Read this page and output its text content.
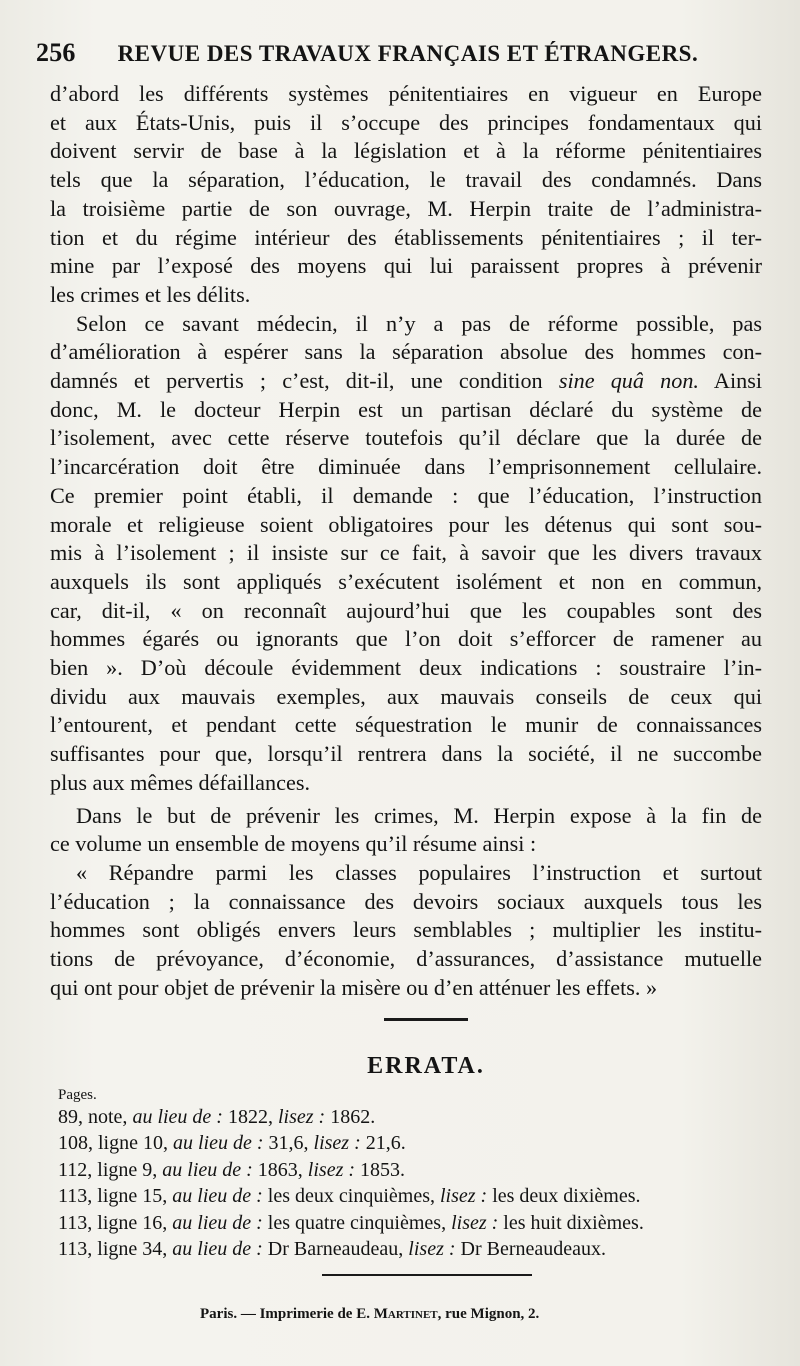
256 REVUE DES TRAVAUX FRANÇAIS ET ÉTRANGERS.

d’abord les différents systèmes pénitentiaires en vigueur en Europe
et aux États-Unis, puis il s’occupe des principes fondamentaux qui
doivent servir de base à la législation et à la réforme pénitentiaires
tels que la séparation, l’éducation, le travail des condamnés. Dans
la troisième partie de son ouvrage, M. Herpin traite de l’administra-
tion et du régime intérieur des établissements pénitentiaires ; il ter-
mine par l’exposé des moyens qui lui paraissent propres à prévenir
les crimes et les délits.

Selon ce savant médecin, il n’y a pas de réforme possible, pas
d’amélioration à espérer sans la séparation absolue des hommes con-
damnés et pervertis ; c’est, dit-il, une condition sine quâ non. Ainsi
donc, M. le docteur Herpin est un partisan déclaré du système de
l’isolement, avec cette réserve toutefois qu’il déclare que la durée de
l’incarcération doit être diminuée dans l’emprisonnement cellulaire.
Ce premier point établi, il demande : que l’éducation, l’instruction
morale et religieuse soient obligatoires pour les détenus qui sont sou-
mis à l’isolement ; il insiste sur ce fait, à savoir que les divers travaux
auxquels ils sont appliqués s’exécutent isolément et non en commun,
car, dit-il, « on reconnaît aujourd’hui que les coupables sont des
hommes égarés ou ignorants que l’on doit s’efforcer de ramener au
bien ». D’où découle évidemment deux indications : soustraire l’in-
dividu aux mauvais exemples, aux mauvais conseils de ceux qui
l’entourent, et pendant cette séquestration le munir de connaissances
suffisantes pour que, lorsqu’il rentrera dans la société, il ne succombe
plus aux mêmes défaillances.

Dans le but de prévenir les crimes, M. Herpin expose à la fin de
ce volume un ensemble de moyens qu’il résume ainsi :

« Répandre parmi les classes populaires l’instruction et surtout
l’éducation ; la connaissance des devoirs sociaux auxquels tous les
hommes sont obligés envers leurs semblables ; multiplier les institu-
tions de prévoyance, d’économie, d’assurances, d’assistance mutuelle
qui ont pour objet de prévenir la misère ou d’en atténuer les effets. »

ERRATA.
Pages.
89, note, au lieu de : 1822, lisez : 1862.
108, ligne 10, au lieu de : 31,6, lisez : 21,6.
112, ligne 9, au lieu de : 1863, lisez : 1853.
113, ligne 15, au lieu de : les deux cinquièmes, lisez : les deux dixièmes.
113, ligne 16, au lieu de : les quatre cinquièmes, lisez : les huit dixièmes.
113, ligne 34, au lieu de : Dr Barneaudeau, lisez : Dr Berneaudeaux.
Paris. — Imprimerie de E. Martinet, rue Mignon, 2.
